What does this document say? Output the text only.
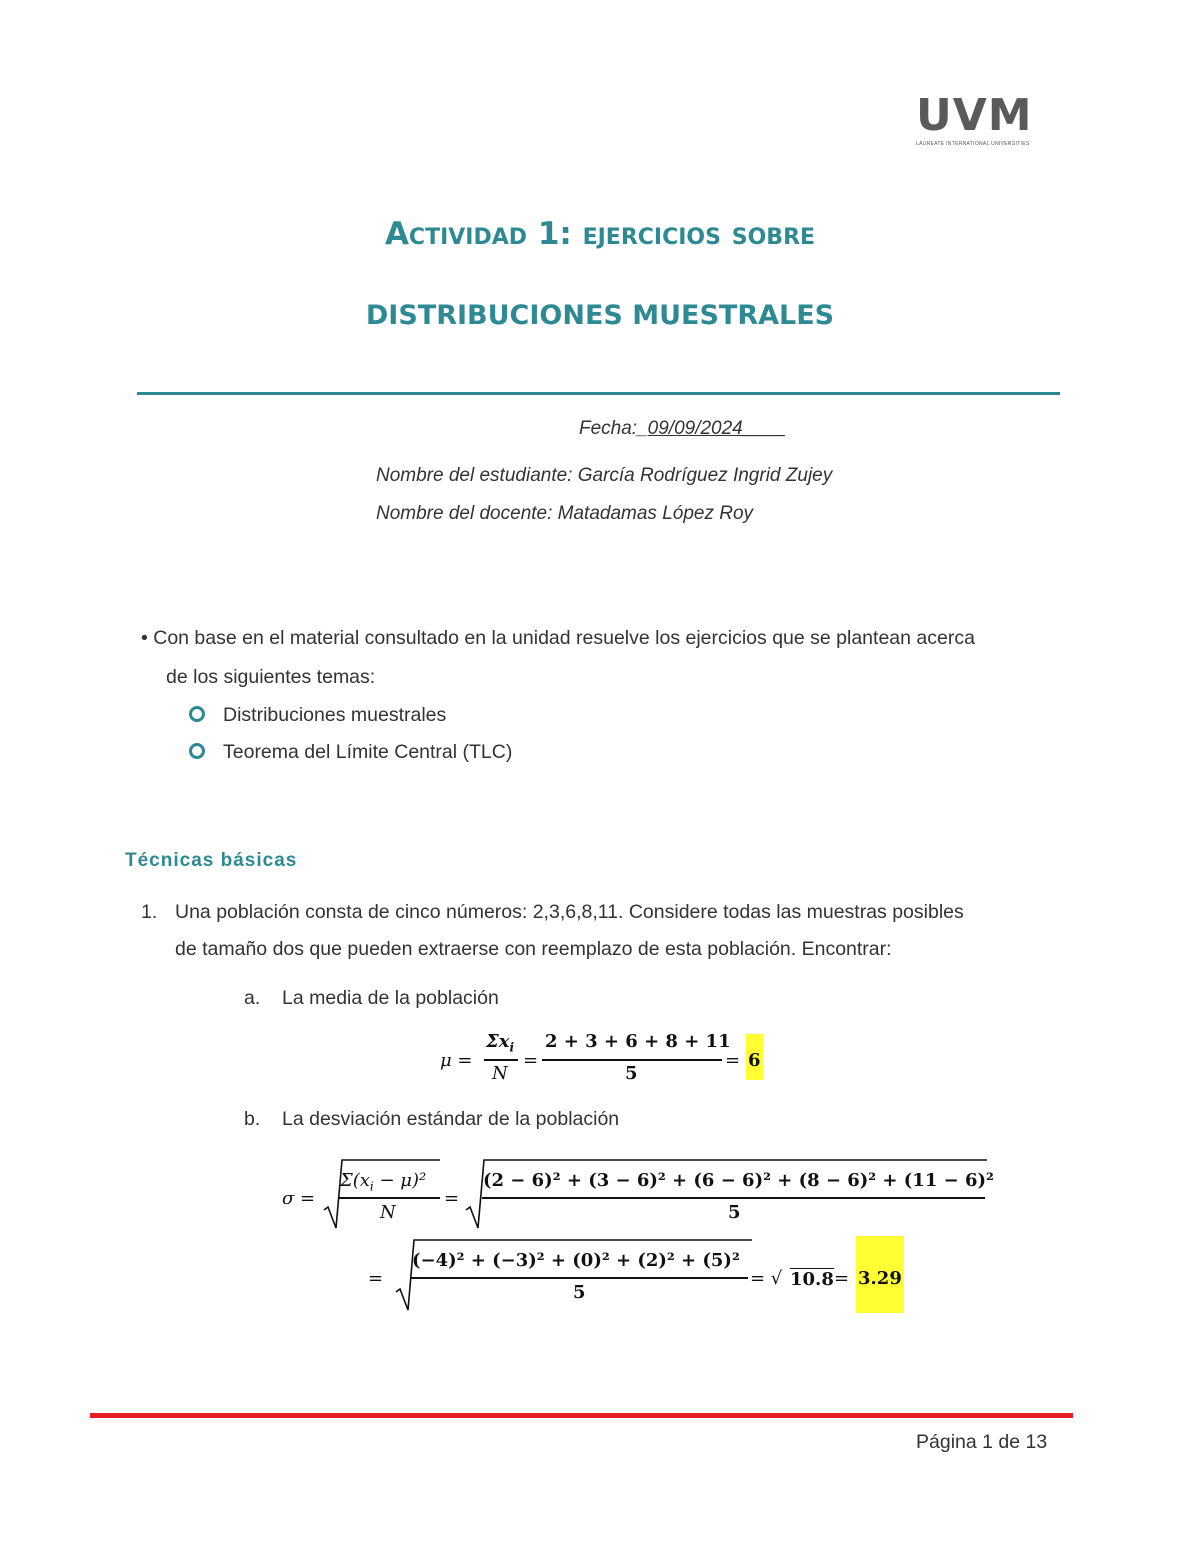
UVM
LAUREATE INTERNATIONAL UNIVERSITIES
Actividad 1: ejercicios sobre
DISTRIBUCIONES MUESTRALES
Fecha:_09/09/2024____
Nombre del estudiante: García Rodríguez Ingrid Zujey
Nombre del docente: Matadamas López Roy
• Con base en el material consultado en la unidad resuelve los ejercicios que se plantean acerca
de los siguientes temas:
Distribuciones muestrales
Teorema del Límite Central (TLC)
Técnicas básicas
1. Una población consta de cinco números: 2,3,6,8,11. Considere todas las muestras posibles
de tamaño dos que pueden extraerse con reemplazo de esta población. Encontrar:
a. La media de la población
μ =
$\Sigma x_i$
N
=
2 + 3 + 6 + 8 + 11
5
= 6
b. La desviación estándar de la población
σ =
$\Sigma(x_i - \mu)^2$
N
=
(2 − 6)² + (3 − 6)² + (6 − 6)² + (8 − 6)² + (11 − 6)²
5
=
(−4)² + (−3)² + (0)² + (2)² + (5)²
5
= √ 10.8 = 3.29
Página 1 de 13
